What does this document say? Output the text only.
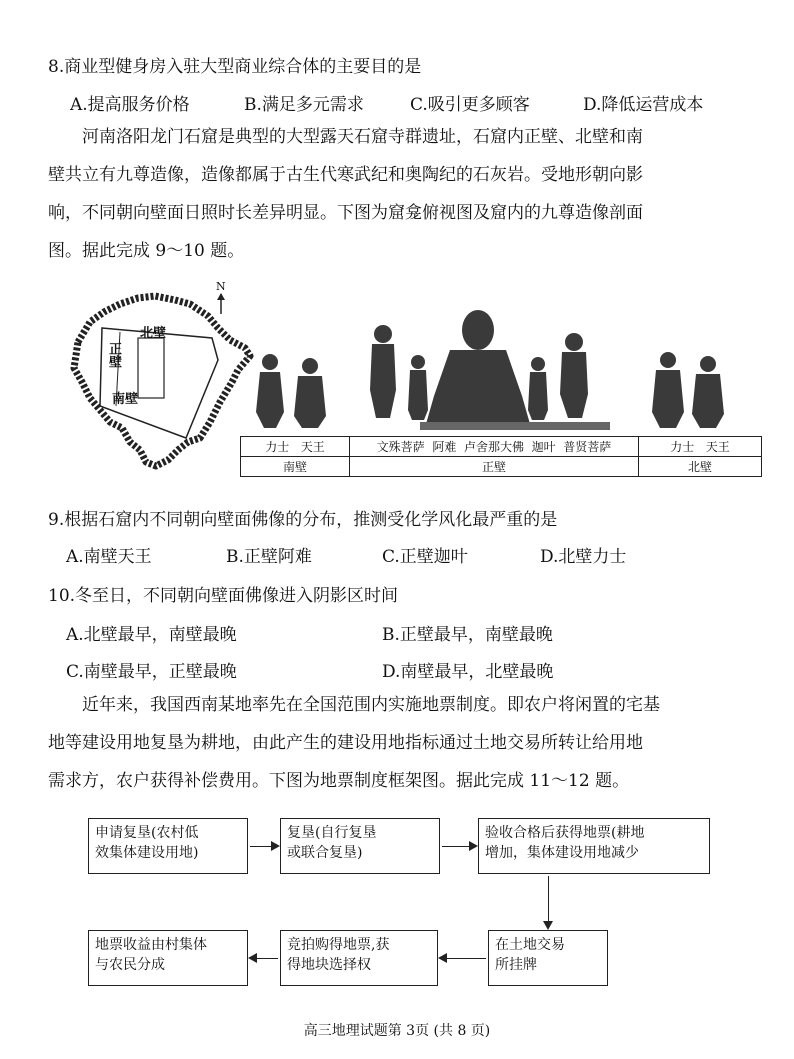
8.商业型健身房入驻大型商业综合体的主要目的是
A.提高服务价格	B.满足多元需求	C.吸引更多顾客	D.降低运营成本
河南洛阳龙门石窟是典型的大型露天石窟寺群遗址，石窟内正壁、北壁和南
壁共立有九尊造像，造像都属于古生代寒武纪和奥陶纪的石灰岩。受地形朝向影
响，不同朝向壁面日照时长差异明显。下图为窟龛俯视图及窟内的九尊造像剖面
图。据此完成 9～10 题。
北壁
正壁
南壁
N
力士 天王	文殊菩萨 阿难 卢舍那大佛 迦叶 普贤菩萨	力士 天王
南壁	正壁	北壁
9.根据石窟内不同朝向壁面佛像的分布，推测受化学风化最严重的是
A.南壁天王	B.正壁阿难	C.正壁迦叶	D.北壁力士
10.冬至日，不同朝向壁面佛像进入阴影区时间
A.北壁最早，南壁最晚	B.正壁最早，南壁最晚
C.南壁最早，正壁最晚	D.南壁最早，北壁最晚
近年来，我国西南某地率先在全国范围内实施地票制度。即农户将闲置的宅基
地等建设用地复垦为耕地，由此产生的建设用地指标通过土地交易所转让给用地
需求方，农户获得补偿费用。下图为地票制度框架图。据此完成 11～12 题。
申请复垦(农村低
效集体建设用地)
复垦(自行复垦
或联合复垦)
验收合格后获得地票(耕地
增加，集体建设用地减少
在土地交易
所挂牌
竞拍购得地票,获
得地块选择权
地票收益由村集体
与农民分成
高三地理试题第 3页 (共 8 页)
